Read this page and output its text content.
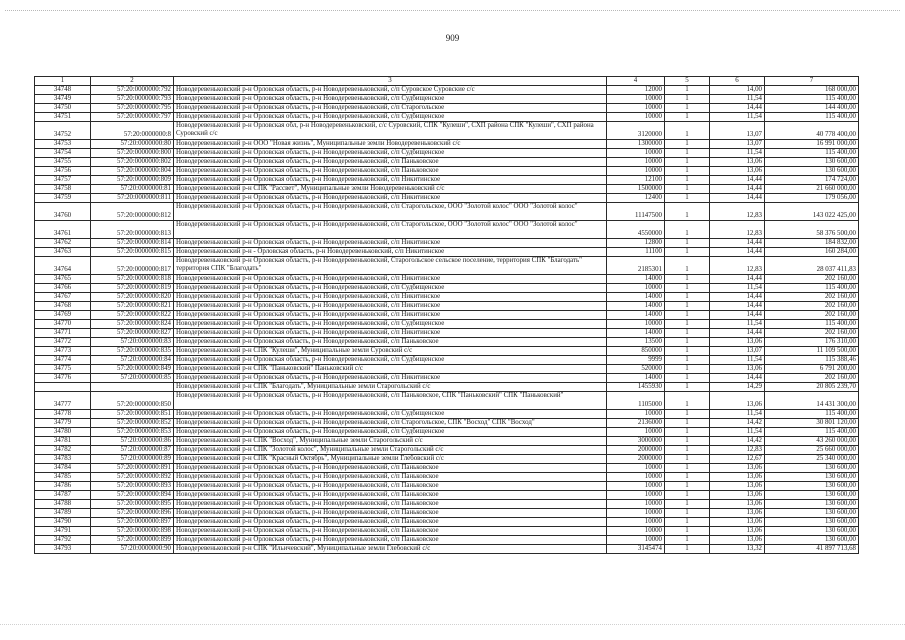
909
1	2	3	4	5	6	7
34748	57:20:0000000:792	Новодеревеньковский р-н Орловская область, р-н Новодеревеньковский, с/п Суровское Суровские с/с	12000	1	14,00	168 000,00
34749	57:20:0000000:793	Новодеревеньковский р-н Орловская область, р-н Новодеревеньковский, с/п Судбищенское	10000	1	11,54	115 400,00
34750	57:20:0000000:795	Новодеревеньковский р-н Орловская область, р-н Новодеревеньковский, с/п Старогольское	10000	1	14,44	144 400,00
34751	57:20:0000000:797	Новодеревеньковский р-н Орловская область, р-н Новодеревеньковский, с/п Судбищенское	10000	1	11,54	115 400,00
34752	57:20:0000000:8	Новодеревеньковский р-н Орловская обл, р-н Новодеревеньковский, с/с Суровский, СПК "Кулеши", СХП района СПК "Кулеши", СХП района Суровский с/с	3120000	1	13,07	40 778 400,00
34753	57:20:0000000:80	Новодеревеньковский р-н ООО "Новая жизнь", Муниципальные земли Новодеревеньковский с/с	1300000	1	13,07	16 991 000,00
34754	57:20:0000000:800	Новодеревеньковский р-н Орловская область, р-н Новодеревеньковский, с/п Судбищенское	10000	1	11,54	115 400,00
34755	57:20:0000000:802	Новодеревеньковский р-н Орловская область, р-н Новодеревеньковский, с/п Паньковское	10000	1	13,06	130 600,00
34756	57:20:0000000:804	Новодеревеньковский р-н Орловская область, р-н Новодеревеньковский, с/п Паньковское	10000	1	13,06	130 600,00
34757	57:20:0000000:809	Новодеревеньковский р-н Орловская область, р-н Новодеревеньковский, с/п Никитинское	12100	1	14,44	174 724,00
34758	57:20:0000000:81	Новодеревеньковский р-н СПК "Рассвет", Муниципальные земли Новодеревеньковский с/с	1500000	1	14,44	21 660 000,00
34759	57:20:0000000:811	Новодеревеньковский р-н Орловская область, р-н Новодеревеньковский, с/п Никитинское	12400	1	14,44	179 056,00
34760	57:20:0000000:812	Новодеревеньковский р-н Орловская область, р-н Новодеревеньковский, с/п Старогольское, ООО "Золотой колос" ООО "Золотой колос"	11147500	1	12,83	143 022 425,00
34761	57:20:0000000:813	Новодеревеньковский р-н Орловская область, р-н Новодеревеньковский, с/п Старогольское, ООО "Золотой колос" ООО "Золотой колос"	4550000	1	12,83	58 376 500,00
34762	57:20:0000000:814	Новодеревеньковский р-н Орловская область, р-н Новодеревеньковский, с/п Никитинское	12800	1	14,44	184 832,00
34763	57:20:0000000:815	Новодеревеньковский р-н - Орловская область, р-н Новодеревеньковский, с/п Никитинское	11100	1	14,44	160 284,00
34764	57:20:0000000:817	Новодеревеньковский р-н Орловская область, р-н Новодеревеньковский, Старогольское сельское поселение, территория СПК "Благодать" территория СПК "Благодать"	2185301	1	12,83	28 037 411,83
34765	57:20:0000000:818	Новодеревеньковский р-н Орловская область, р-н Новодеревеньковский, с/п Никитинское	14000	1	14,44	202 160,00
34766	57:20:0000000:819	Новодеревеньковский р-н Орловская область, р-н Новодеревеньковский, с/п Судбищенское	10000	1	11,54	115 400,00
34767	57:20:0000000:820	Новодеревеньковский р-н Орловская область, р-н Новодеревеньковский, с/п Никитинское	14000	1	14,44	202 160,00
34768	57:20:0000000:821	Новодеревеньковский р-н Орловская область, р-н Новодеревеньковский, с/п Никитинское	14000	1	14,44	202 160,00
34769	57:20:0000000:822	Новодеревеньковский р-н Орловская область, р-н Новодеревеньковский, с/п Никитинское	14000	1	14,44	202 160,00
34770	57:20:0000000:824	Новодеревеньковский р-н Орловская область, р-н Новодеревеньковский, с/п Судбищенское	10000	1	11,54	115 400,00
34771	57:20:0000000:827	Новодеревеньковский р-н Орловская область, р-н Новодеревеньковский, с/п Никитинское	14000	1	14,44	202 160,00
34772	57:20:0000000:83	Новодеревеньковский р-н Орловская область, р-н Новодеревеньковский, с/п Паньковское	13500	1	13,06	176 310,00
34773	57:20:0000000:835	Новодеревеньковский р-н СПК "Кулеши", Муниципальные земли Суровский с/с	850000	1	13,07	11 109 500,00
34774	57:20:0000000:84	Новодеревеньковский р-н Орловская область, р-н Новодеревеньковский, с/п Судбищенское	9999	1	11,54	115 388,46
34775	57:20:0000000:849	Новодеревеньковский р-н СПК "Паньковский" Паньковский с/с	520000	1	13,06	6 791 200,00
34776	57:20:0000000:85	Новодеревеньковский р-н Орловская область, р-н Новодеревеньковский, с/п Никитинское	14000	1	14,44	202 160,00
		Новодеревеньковский р-н СПК "Благодать", Муниципальные земли Старогольский с/с	1455930	1	14,29	20 805 239,70
34777	57:20:0000000:850	Новодеревеньковский р-н Орловская область, р-н Новодеревеньковский, с/п Паньковское, СПК "Паньковский" СПК "Паньковский"	1105000	1	13,06	14 431 300,00
34778	57:20:0000000:851	Новодеревеньковский р-н Орловская область, р-н Новодеревеньковский, с/п Судбищенское	10000	1	11,54	115 400,00
34779	57:20:0000000:852	Новодеревеньковский р-н Орловская область, р-н Новодеревеньковский, с/п Старогольское, СПК "Восход" СПК "Восход"	2136000	1	14,42	30 801 120,00
34780	57:20:0000000:853	Новодеревеньковский р-н Орловская область, р-н Новодеревеньковский, с/п Судбищенское	10000	1	11,54	115 400,00
34781	57:20:0000000:86	Новодеревеньковский р-н СПК "Восход", Муниципальные земли Старогольский с/с	3000000	1	14,42	43 260 000,00
34782	57:20:0000000:87	Новодеревеньковский р-н СПК "Золотой колос", Муниципальные земли Старогольский с/с	2000000	1	12,83	25 660 000,00
34783	57:20:0000000:89	Новодеревеньковский р-н СПК "Красный Октябрь", Муниципальные земли Глебовский с/с	2000000	1	12,67	25 340 000,00
34784	57:20:0000000:891	Новодеревеньковский р-н Орловская область, р-н Новодеревеньковский, с/п Паньковское	10000	1	13,06	130 600,00
34785	57:20:0000000:892	Новодеревеньковский р-н Орловская область, р-н Новодеревеньковский, с/п Паньковское	10000	1	13,06	130 600,00
34786	57:20:0000000:893	Новодеревеньковский р-н Орловская область, р-н Новодеревеньковский, с/п Паньковское	10000	1	13,06	130 600,00
34787	57:20:0000000:894	Новодеревеньковский р-н Орловская область, р-н Новодеревеньковский, с/п Паньковское	10000	1	13,06	130 600,00
34788	57:20:0000000:895	Новодеревеньковский р-н Орловская область, р-н Новодеревеньковский, с/п Паньковское	10000	1	13,06	130 600,00
34789	57:20:0000000:896	Новодеревеньковский р-н Орловская область, р-н Новодеревеньковский, с/п Паньковское	10000	1	13,06	130 600,00
34790	57:20:0000000:897	Новодеревеньковский р-н Орловская область, р-н Новодеревеньковский, с/п Паньковское	10000	1	13,06	130 600,00
34791	57:20:0000000:898	Новодеревеньковский р-н Орловская область, р-н Новодеревеньковский, с/п Паньковское	10000	1	13,06	130 600,00
34792	57:20:0000000:899	Новодеревеньковский р-н Орловская область, р-н Новодеревеньковский, с/п Паньковское	10000	1	13,06	130 600,00
34793	57:20:0000000:90	Новодеревеньковский р-н СПК "Ильичевский", Муниципальные земли Глебовский с/с	3145474	1	13,32	41 897 713,68
